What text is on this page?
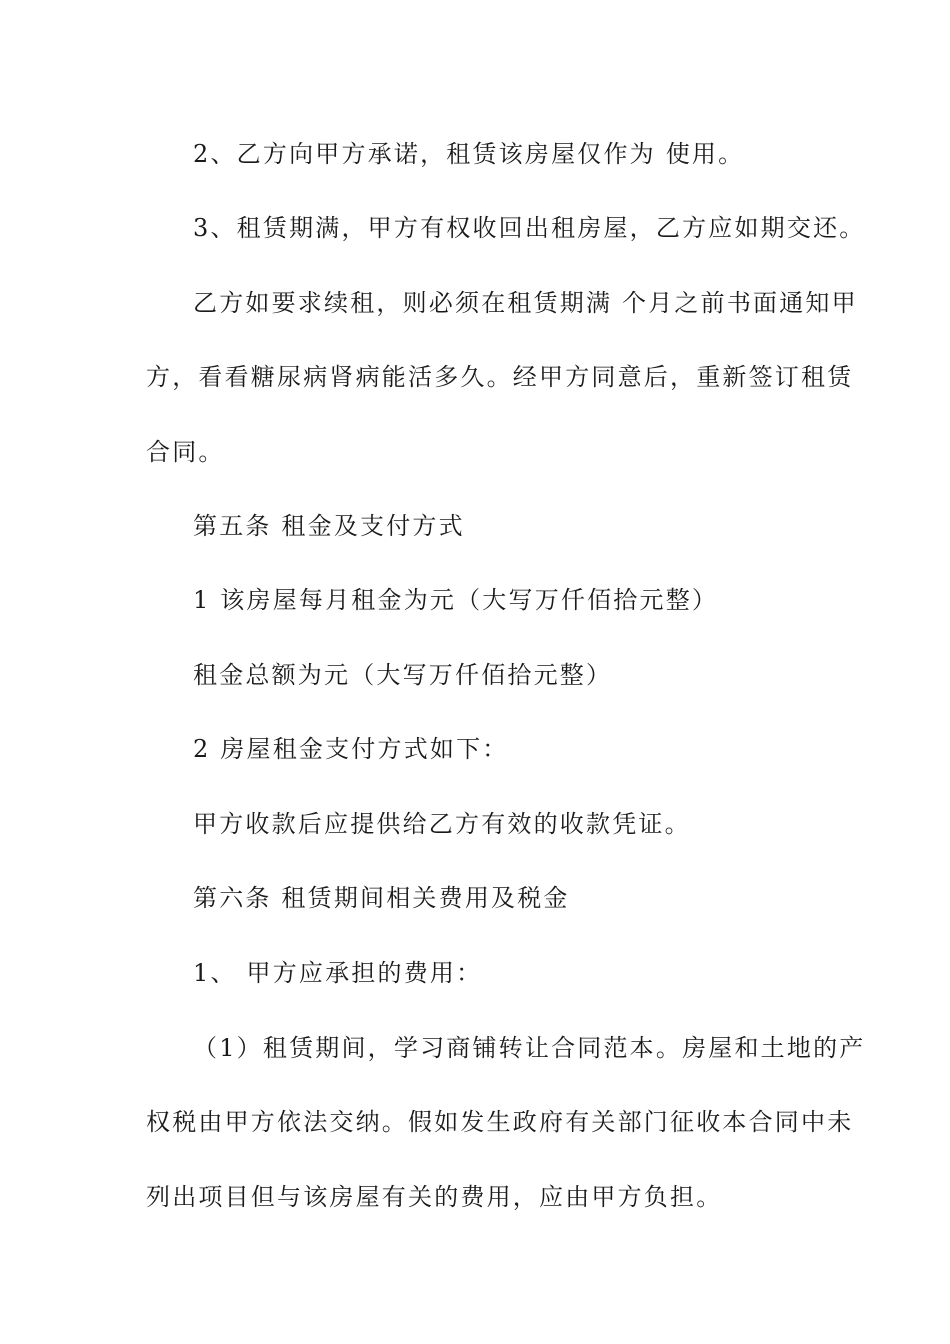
2、乙方向甲方承诺，租赁该房屋仅作为 使用。
3、租赁期满，甲方有权收回出租房屋，乙方应如期交还。
乙方如要求续租，则必须在租赁期满 个月之前书面通知甲
方，看看糖尿病肾病能活多久。经甲方同意后，重新签订租赁
合同。
第五条 租金及支付方式
1 该房屋每月租金为元（大写万仟佰拾元整）
租金总额为元（大写万仟佰拾元整）
2 房屋租金支付方式如下：
甲方收款后应提供给乙方有效的收款凭证。
第六条 租赁期间相关费用及税金
1、 甲方应承担的费用：
（1）租赁期间，学习商铺转让合同范本。房屋和土地的产
权税由甲方依法交纳。假如发生政府有关部门征收本合同中未
列出项目但与该房屋有关的费用，应由甲方负担。
